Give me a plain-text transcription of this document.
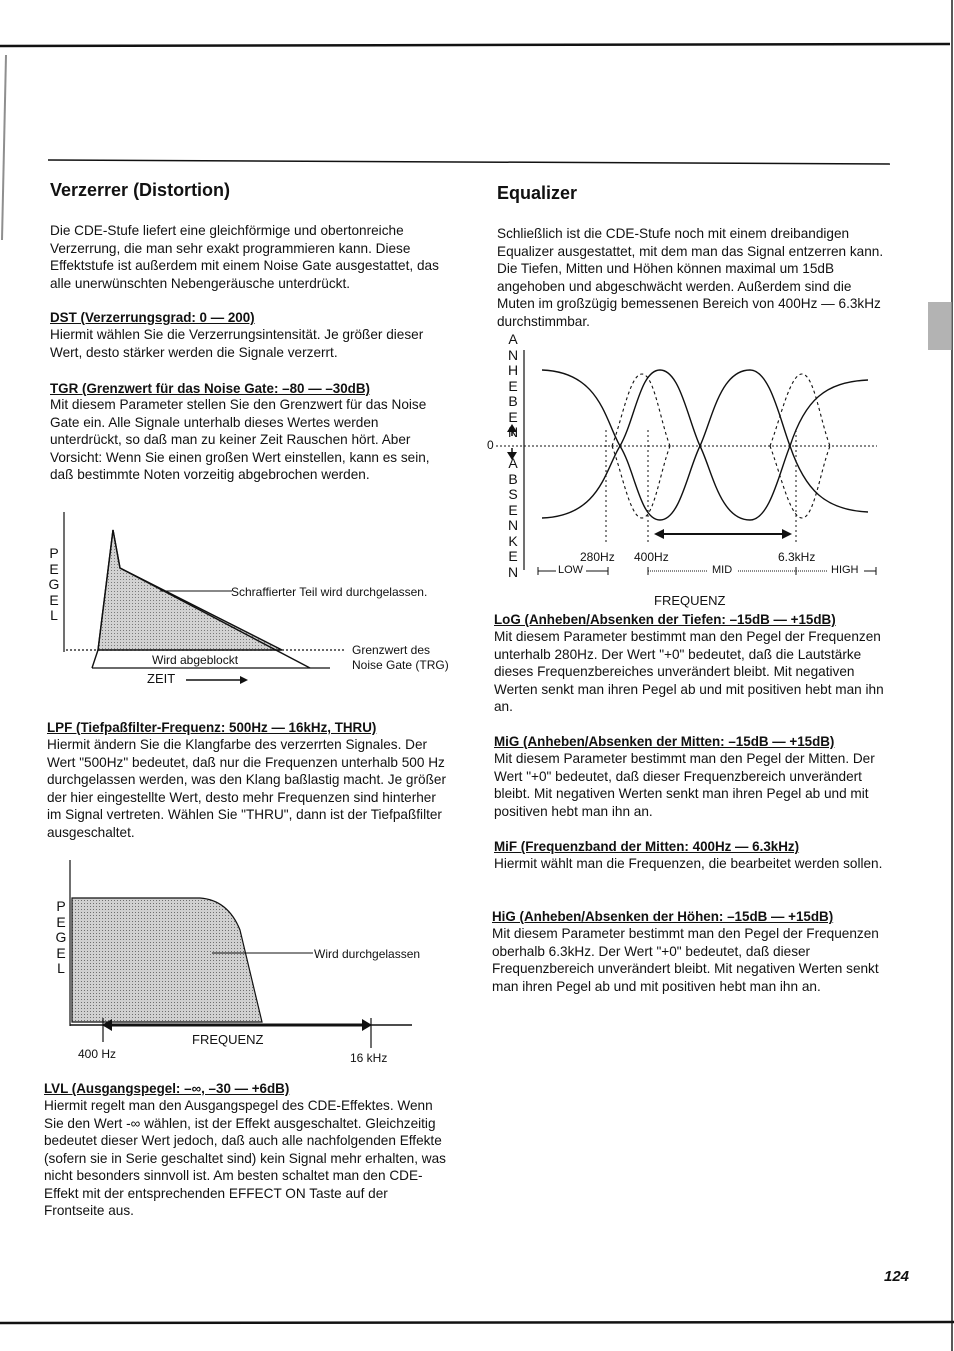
Verzerrer (Distortion)
Die CDE-Stufe liefert eine gleichförmige und obertonreiche Verzerrung, die man sehr exakt programmieren kann. Diese Effektstufe ist außerdem mit einem Noise Gate ausgestattet, das alle unerwünschten Nebengeräusche unterdrückt.
DST (Verzerrungsgrad: 0 — 200)
Hiermit wählen Sie die Verzerrungsintensität. Je größer dieser Wert, desto stärker werden die Signale verzerrt.
TGR (Grenzwert für das Noise Gate: –80 — –30dB)
Mit diesem Parameter stellen Sie den Grenzwert für das Noise Gate ein. Alle Signale unterhalb dieses Wertes werden unterdrückt, so daß man zu keiner Zeit Rauschen hört. Aber Vorsicht: Wenn Sie einen großen Wert einstellen, kann es sein, daß bestimmte Noten vorzeitig abgebrochen werden.
P
E
G
E
L
Schraffierter Teil wird durchgelassen.
Wird abgeblockt
Grenzwert des
Noise Gate (TRG)
ZEIT
LPF (Tiefpaßfilter-Frequenz: 500Hz — 16kHz, THRU)
Hiermit ändern Sie die Klangfarbe des verzerrten Signales. Der Wert "500Hz" bedeutet, daß nur die Frequenzen unterhalb 500 Hz durchgelassen werden, was den Klang baßlastig macht. Je größer der hier eingestellte Wert, desto mehr Frequenzen sind hinterher im Signal vertreten. Wählen Sie "THRU", dann ist der Tiefpaßfilter ausgeschaltet.
P
E
G
E
L
Wird durchgelassen
FREQUENZ
400 Hz	16 kHz
LVL (Ausgangspegel: –∞, –30 — +6dB)
Hiermit regelt man den Ausgangspegel des CDE-Effektes. Wenn Sie den Wert -∞ wählen, ist der Effekt ausgeschaltet. Gleichzeitig bedeutet dieser Wert jedoch, daß auch alle nachfolgenden Effekte (sofern sie in Serie geschaltet sind) kein Signal mehr erhalten, was nicht besonders sinnvoll ist. Am besten schaltet man den CDE-Effekt mit der entsprechenden EFFECT ON Taste auf der Frontseite aus.
Equalizer
Schließlich ist die CDE-Stufe noch mit einem dreibandigen Equalizer ausgestattet, mit dem man das Signal entzerren kann. Die Tiefen, Mitten und Höhen können maximal um 15dB angehoben und abgeschwächt werden. Außerdem sind die Muten im großzügig bemessenen Bereich von 400Hz — 6.3kHz durchstimmbar.
A
N
H
E
B
E
N
A
B
S
E
N
K
E
N
0
280Hz 400Hz	6.3kHz
LOW	MID	HIGH
FREQUENZ
LoG (Anheben/Absenken der Tiefen: –15dB — +15dB)
Mit diesem Parameter bestimmt man den Pegel der Frequenzen unterhalb 280Hz. Der Wert "+0" bedeutet, daß die Lautstärke dieses Frequenzbereiches unverändert bleibt. Mit negativen Werten senkt man ihren Pegel ab und mit positiven hebt man ihn an.
MiG (Anheben/Absenken der Mitten: –15dB — +15dB)
Mit diesem Parameter bestimmt man den Pegel der Mitten. Der Wert "+0" bedeutet, daß dieser Frequenzbereich unverändert bleibt. Mit negativen Werten senkt man ihren Pegel ab und mit positiven hebt man ihn an.
MiF (Frequenzband der Mitten: 400Hz — 6.3kHz)
Hiermit wählt man die Frequenzen, die bearbeitet werden sollen.
HiG (Anheben/Absenken der Höhen: –15dB — +15dB)
Mit diesem Parameter bestimmt man den Pegel der Frequenzen oberhalb 6.3kHz. Der Wert "+0" bedeutet, daß dieser Frequenzbereich unverändert bleibt. Mit negativen Werten senkt man ihren Pegel ab und mit positiven hebt man ihn an.
124
